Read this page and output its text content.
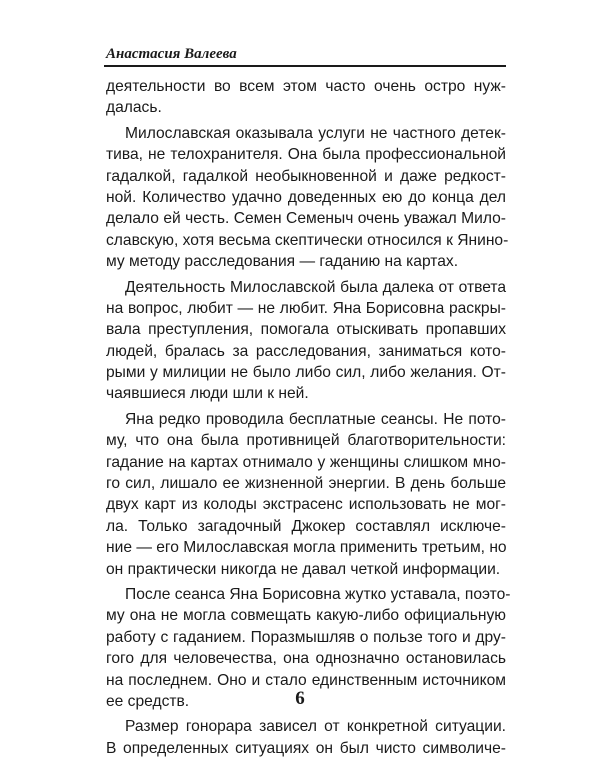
Анастасия Валеева
деятельности во всем этом часто очень остро нуж-
далась.
Милославская оказывала услуги не частного детек-
тива, не телохранителя. Она была профессиональной
гадалкой, гадалкой необыкновенной и даже редкост-
ной. Количество удачно доведенных ею до конца дел
делало ей честь. Семен Семеныч очень уважал Мило-
славскую, хотя весьма скептически относился к Янино-
му методу расследования — гаданию на картах.
Деятельность Милославской была далека от ответа
на вопрос, любит — не любит. Яна Борисовна раскры-
вала преступления, помогала отыскивать пропавших
людей, бралась за расследования, заниматься кото-
рыми у милиции не было либо сил, либо желания. От-
чаявшиеся люди шли к ней.
Яна редко проводила бесплатные сеансы. Не пото-
му, что она была противницей благотворительности:
гадание на картах отнимало у женщины слишком мно-
го сил, лишало ее жизненной энергии. В день больше
двух карт из колоды экстрасенс использовать не мог-
ла. Только загадочный Джокер составлял исключе-
ние — его Милославская могла применить третьим, но
он практически никогда не давал четкой информации.
После сеанса Яна Борисовна жутко уставала, поэто-
му она не могла совмещать какую-либо официальную
работу с гаданием. Поразмышляв о пользе того и дру-
гого для человечества, она однозначно остановилась
на последнем. Оно и стало единственным источником
ее средств.
Размер гонорара зависел от конкретной ситуации.
В определенных ситуациях он был чисто символиче-
6
